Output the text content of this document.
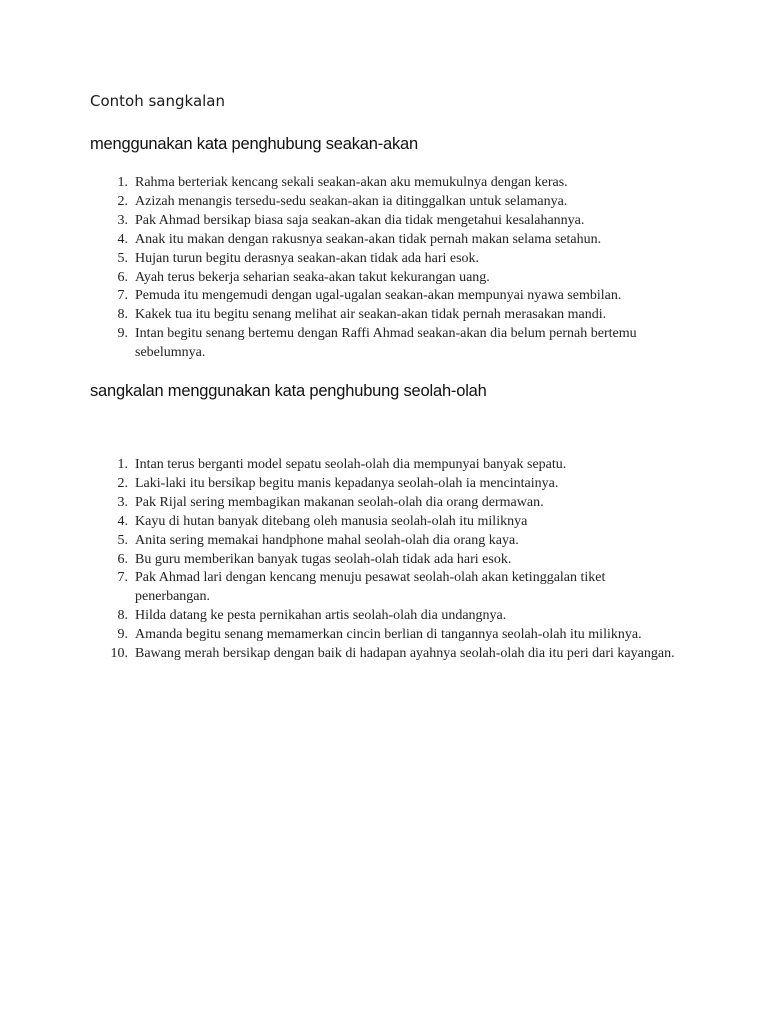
Contoh sangkalan
menggunakan kata penghubung seakan-akan
1. Rahma berteriak kencang sekali seakan-akan aku memukulnya dengan keras.
2. Azizah menangis tersedu-sedu seakan-akan ia ditinggalkan untuk selamanya.
3. Pak Ahmad bersikap biasa saja seakan-akan dia tidak mengetahui kesalahannya.
4. Anak itu makan dengan rakusnya seakan-akan tidak pernah makan selama setahun.
5. Hujan turun begitu derasnya seakan-akan tidak ada hari esok.
6. Ayah terus bekerja seharian seaka-akan takut kekurangan uang.
7. Pemuda itu mengemudi dengan ugal-ugalan seakan-akan mempunyai nyawa sembilan.
8. Kakek tua itu begitu senang melihat air seakan-akan tidak pernah merasakan mandi.
9. Intan begitu senang bertemu dengan Raffi Ahmad seakan-akan dia belum pernah bertemu sebelumnya.
sangkalan menggunakan kata penghubung seolah-olah
1. Intan terus berganti model sepatu seolah-olah dia mempunyai banyak sepatu.
2. Laki-laki itu bersikap begitu manis kepadanya seolah-olah ia mencintainya.
3. Pak Rijal sering membagikan makanan seolah-olah dia orang dermawan.
4. Kayu di hutan banyak ditebang oleh manusia seolah-olah itu miliknya
5. Anita sering memakai handphone mahal seolah-olah dia orang kaya.
6. Bu guru memberikan banyak tugas seolah-olah tidak ada hari esok.
7. Pak Ahmad lari dengan kencang menuju pesawat seolah-olah akan ketinggalan tiket penerbangan.
8. Hilda datang ke pesta pernikahan artis seolah-olah dia undangnya.
9. Amanda begitu senang memamerkan cincin berlian di tangannya seolah-olah itu miliknya.
10. Bawang merah bersikap dengan baik di hadapan ayahnya seolah-olah dia itu peri dari kayangan.
